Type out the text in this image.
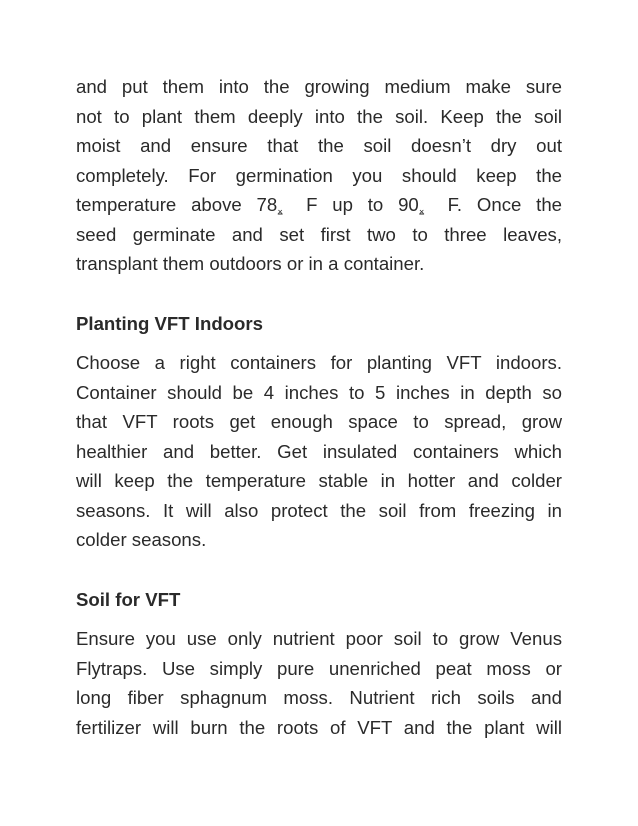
and put them into the growing medium make sure
not to plant them deeply into the soil. Keep the soil
moist and ensure that the soil doesn’t dry out
completely. For germination you should keep the
temperature above 78⨱ F up to 90⨱ F. Once the
seed germinate and set first two to three leaves,
transplant them outdoors or in a container.
Planting VFT Indoors
Choose a right containers for planting VFT indoors.
Container should be 4 inches to 5 inches in depth so
that VFT roots get enough space to spread, grow
healthier and better. Get insulated containers which
will keep the temperature stable in hotter and colder
seasons. It will also protect the soil from freezing in
colder seasons.
Soil for VFT
Ensure you use only nutrient poor soil to grow Venus
Flytraps. Use simply pure unenriched peat moss or
long fiber sphagnum moss. Nutrient rich soils and
fertilizer will burn the roots of VFT and the plant will
